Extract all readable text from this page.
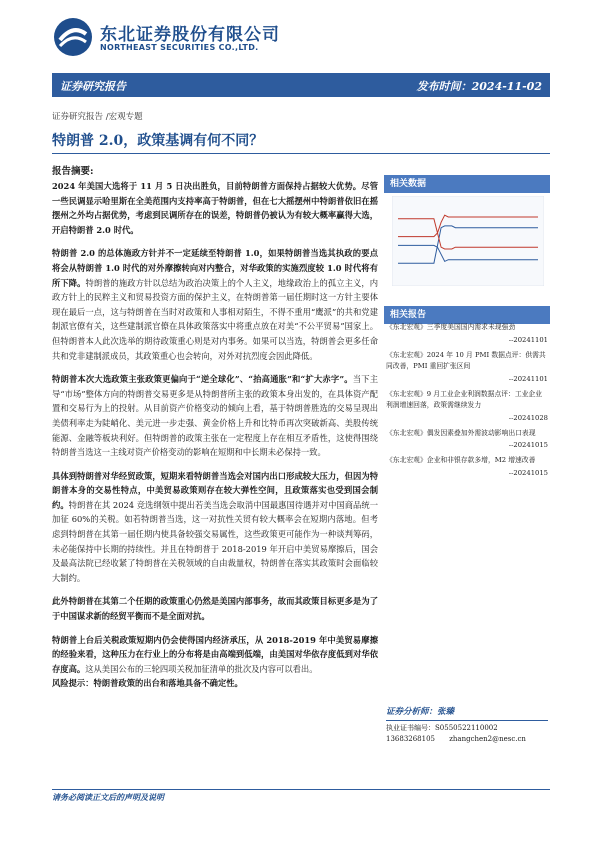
东北证券股份有限公司
NORTHEAST SECURITIES CO.,LTD.
证券研究报告	发布时间：2024-11-02
证券研究报告 /宏观专题
特朗普 2.0，政策基调有何不同？
报告摘要:

2024 年美国大选将于 11 月 5 日决出胜负，目前特朗普方面保持占据较大优势。尽管一些民调显示哈里斯在全美范围内支持率高于特朗普，但在七大摇摆州中特朗普依旧在摇摆州之外均占据优势，考虑到民调所存在的误差，特朗普仍被认为有较大概率赢得大选，开启特朗普 2.0 时代。

特朗普 2.0 的总体施政方针并不一定延续至特朗普 1.0，如果特朗普当选其执政的要点将会从特朗普 1.0 时代的对外摩擦转向对内整合，对华政策的实施烈度较 1.0 时代将有所下降。特朗普的施政方针以总结为政治决策上的个人主义，地缘政治上的孤立主义，内政方针上的民粹主义和贸易投资方面的保护主义，在特朗普第一届任期时这一方针主要体现在最后一点，这与特朗普在当时对政策和人事相对陌生，不得不重用“鹰派”的共和党建制派官僚有关，这些建制派官僚在具体政策落实中将重点放在对美“不公平贸易”国家上。但特朗普本人此次选举的期待政策重心则是对内事务。如果可以当选，特朗普会更多任命共和党非建制派成员，其政策重心也会转向，对外对抗烈度会因此降低。

特朗普本次大选政策主张政策更偏向于“逆全球化”、“抬高通胀”和“扩大赤字”。当下主导“市场”整体方向的特朗普交易更多是从特朗普所主张的政策本身出发的，在具体资产配置和交易行为上的投射。从目前资产价格变动的倾向上看，基于特朗普胜选的交易呈现出美债利率走为陡峭化、美元进一步走强、黄金价格上升和比特币再次突破新高、美股传统能源、金融等板块利好。但特朗普的政策主张在一定程度上存在相互矛盾性，这使得围绕特朗普当选这一主线对资产价格变动的影响在短期和中长期未必保持一致。

具体到特朗普对华经贸政策，短期来看特朗普当选会对国内出口形成较大压力，但因为特朗普本身的交易性特点，中美贸易政策则存在较大弹性空间，且政策落实也受到国会制约。特朗普在其 2024 竞选纲领中提出若美当选会取消中国最惠国待遇并对中国商品统一加征 60%的关税。如若特朗普当选，这一对抗性关贸有较大概率会在短期内落地。但考虑到特朗普在其第一届任期内使具备较强交易属性，这些政策更可能作为一种谈判筹码，未必能保持中长期的持续性。并且在特朗普于 2018-2019 年开启中美贸易摩擦后，国会及最高法院已经收紧了特朗普在关税领域的自由裁量权，特朗普在落实其政策时会面临较大制约。

此外特朗普在其第二个任期的政策重心仍然是美国内部事务，故而其政策目标更多是为了于中国谋求新的经贸平衡而不是全面对抗。

特朗普上台后关税政策短期内仍会使得国内经济承压，从 2018-2019 年中美贸易摩擦的经验来看，这种压力在行业上的分布将是由高端到低端，由美国对华依存度低到对华依存度高。这从美国公布的三轮四项关税加征清单的批次及内容可以看出。

风险提示：特朗普政策的出台和落地具备不确定性。

相关数据
相关报告

《东北宏观》三季度美国国内需求未现强劲

--20241101

《东北宏观》2024 年 10 月 PMI 数据点评：供需共同改善，PMI 重回扩张区间

--20241101

《东北宏观》9 月工业企业利润数据点评：工业企业利润增速回落，政策需继续发力

--20241028

《东北宏观》偶发因素叠加外需波动影响出口表现

--20241015

《东北宏观》企业和非银存款多增，M2 增速改善

--20241015

证券分析师：张臻
执业证书编号：S0550522110002
13683268105 zhangchen2@nesc.cn
请务必阅读正文后的声明及说明
